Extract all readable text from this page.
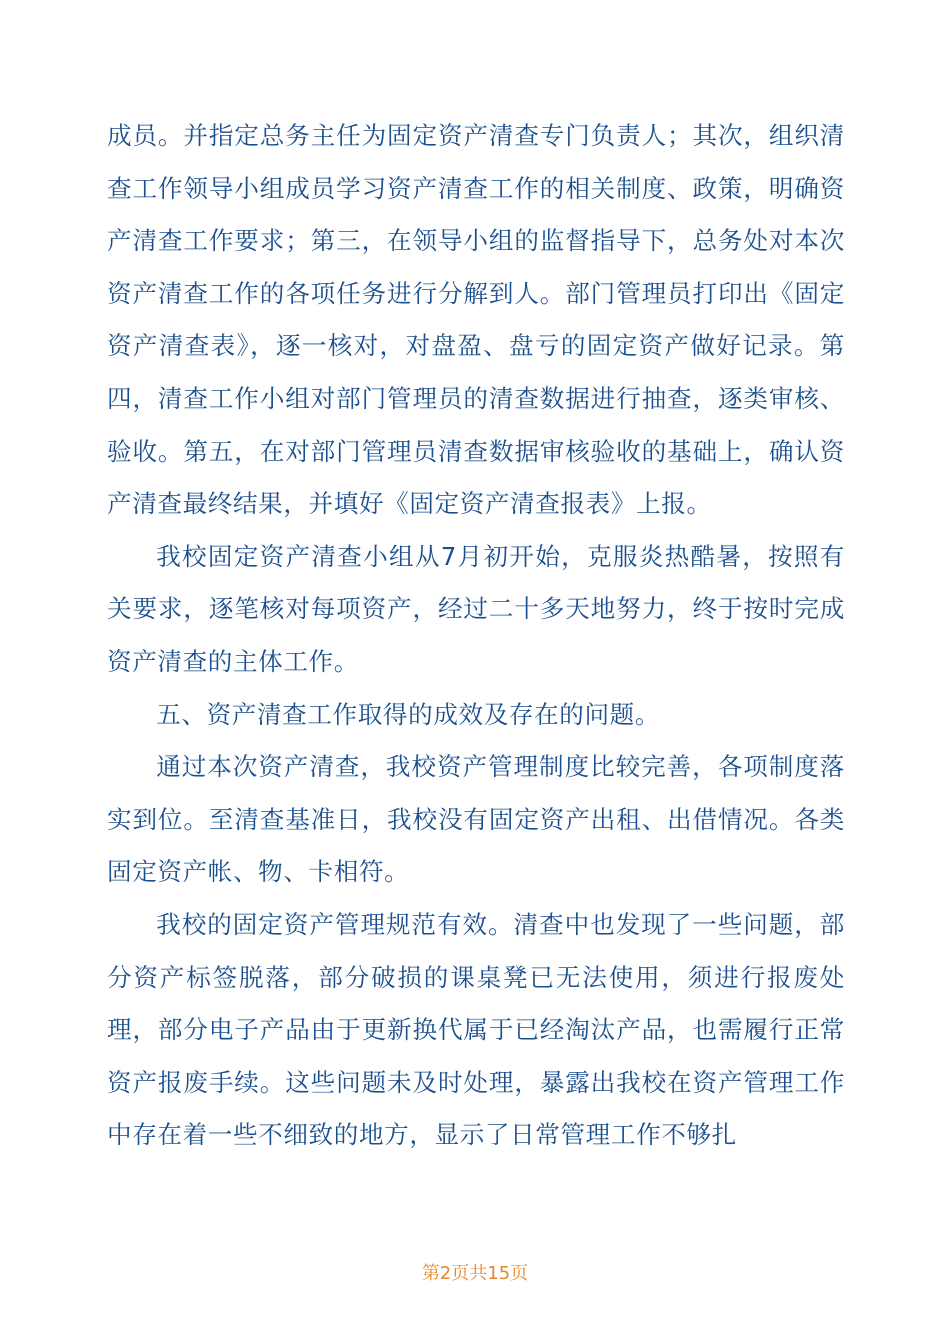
成员。并指定总务主任为固定资产清查专门负责人；其次，组织清查工作领导小组成员学习资产清查工作的相关制度、政策，明确资产清查工作要求；第三，在领导小组的监督指导下，总务处对本次资产清查工作的各项任务进行分解到人。部门管理员打印出《固定资产清查表》，逐一核对，对盘盈、盘亏的固定资产做好记录。第四，清查工作小组对部门管理员的清查数据进行抽查，逐类审核、验收。第五，在对部门管理员清查数据审核验收的基础上，确认资产清查最终结果，并填好《固定资产清查报表》上报。

我校固定资产清查小组从7月初开始，克服炎热酷暑，按照有关要求，逐笔核对每项资产，经过二十多天地努力，终于按时完成资产清查的主体工作。

五、资产清查工作取得的成效及存在的问题。

通过本次资产清查，我校资产管理制度比较完善，各项制度落实到位。至清查基准日，我校没有固定资产出租、出借情况。各类固定资产帐、物、卡相符。

我校的固定资产管理规范有效。清查中也发现了一些问题，部分资产标签脱落，部分破损的课桌凳已无法使用，须进行报废处理，部分电子产品由于更新换代属于已经淘汰产品，也需履行正常资产报废手续。这些问题未及时处理，暴露出我校在资产管理工作中存在着一些不细致的地方，显示了日常管理工作不够扎

第2页共15页
